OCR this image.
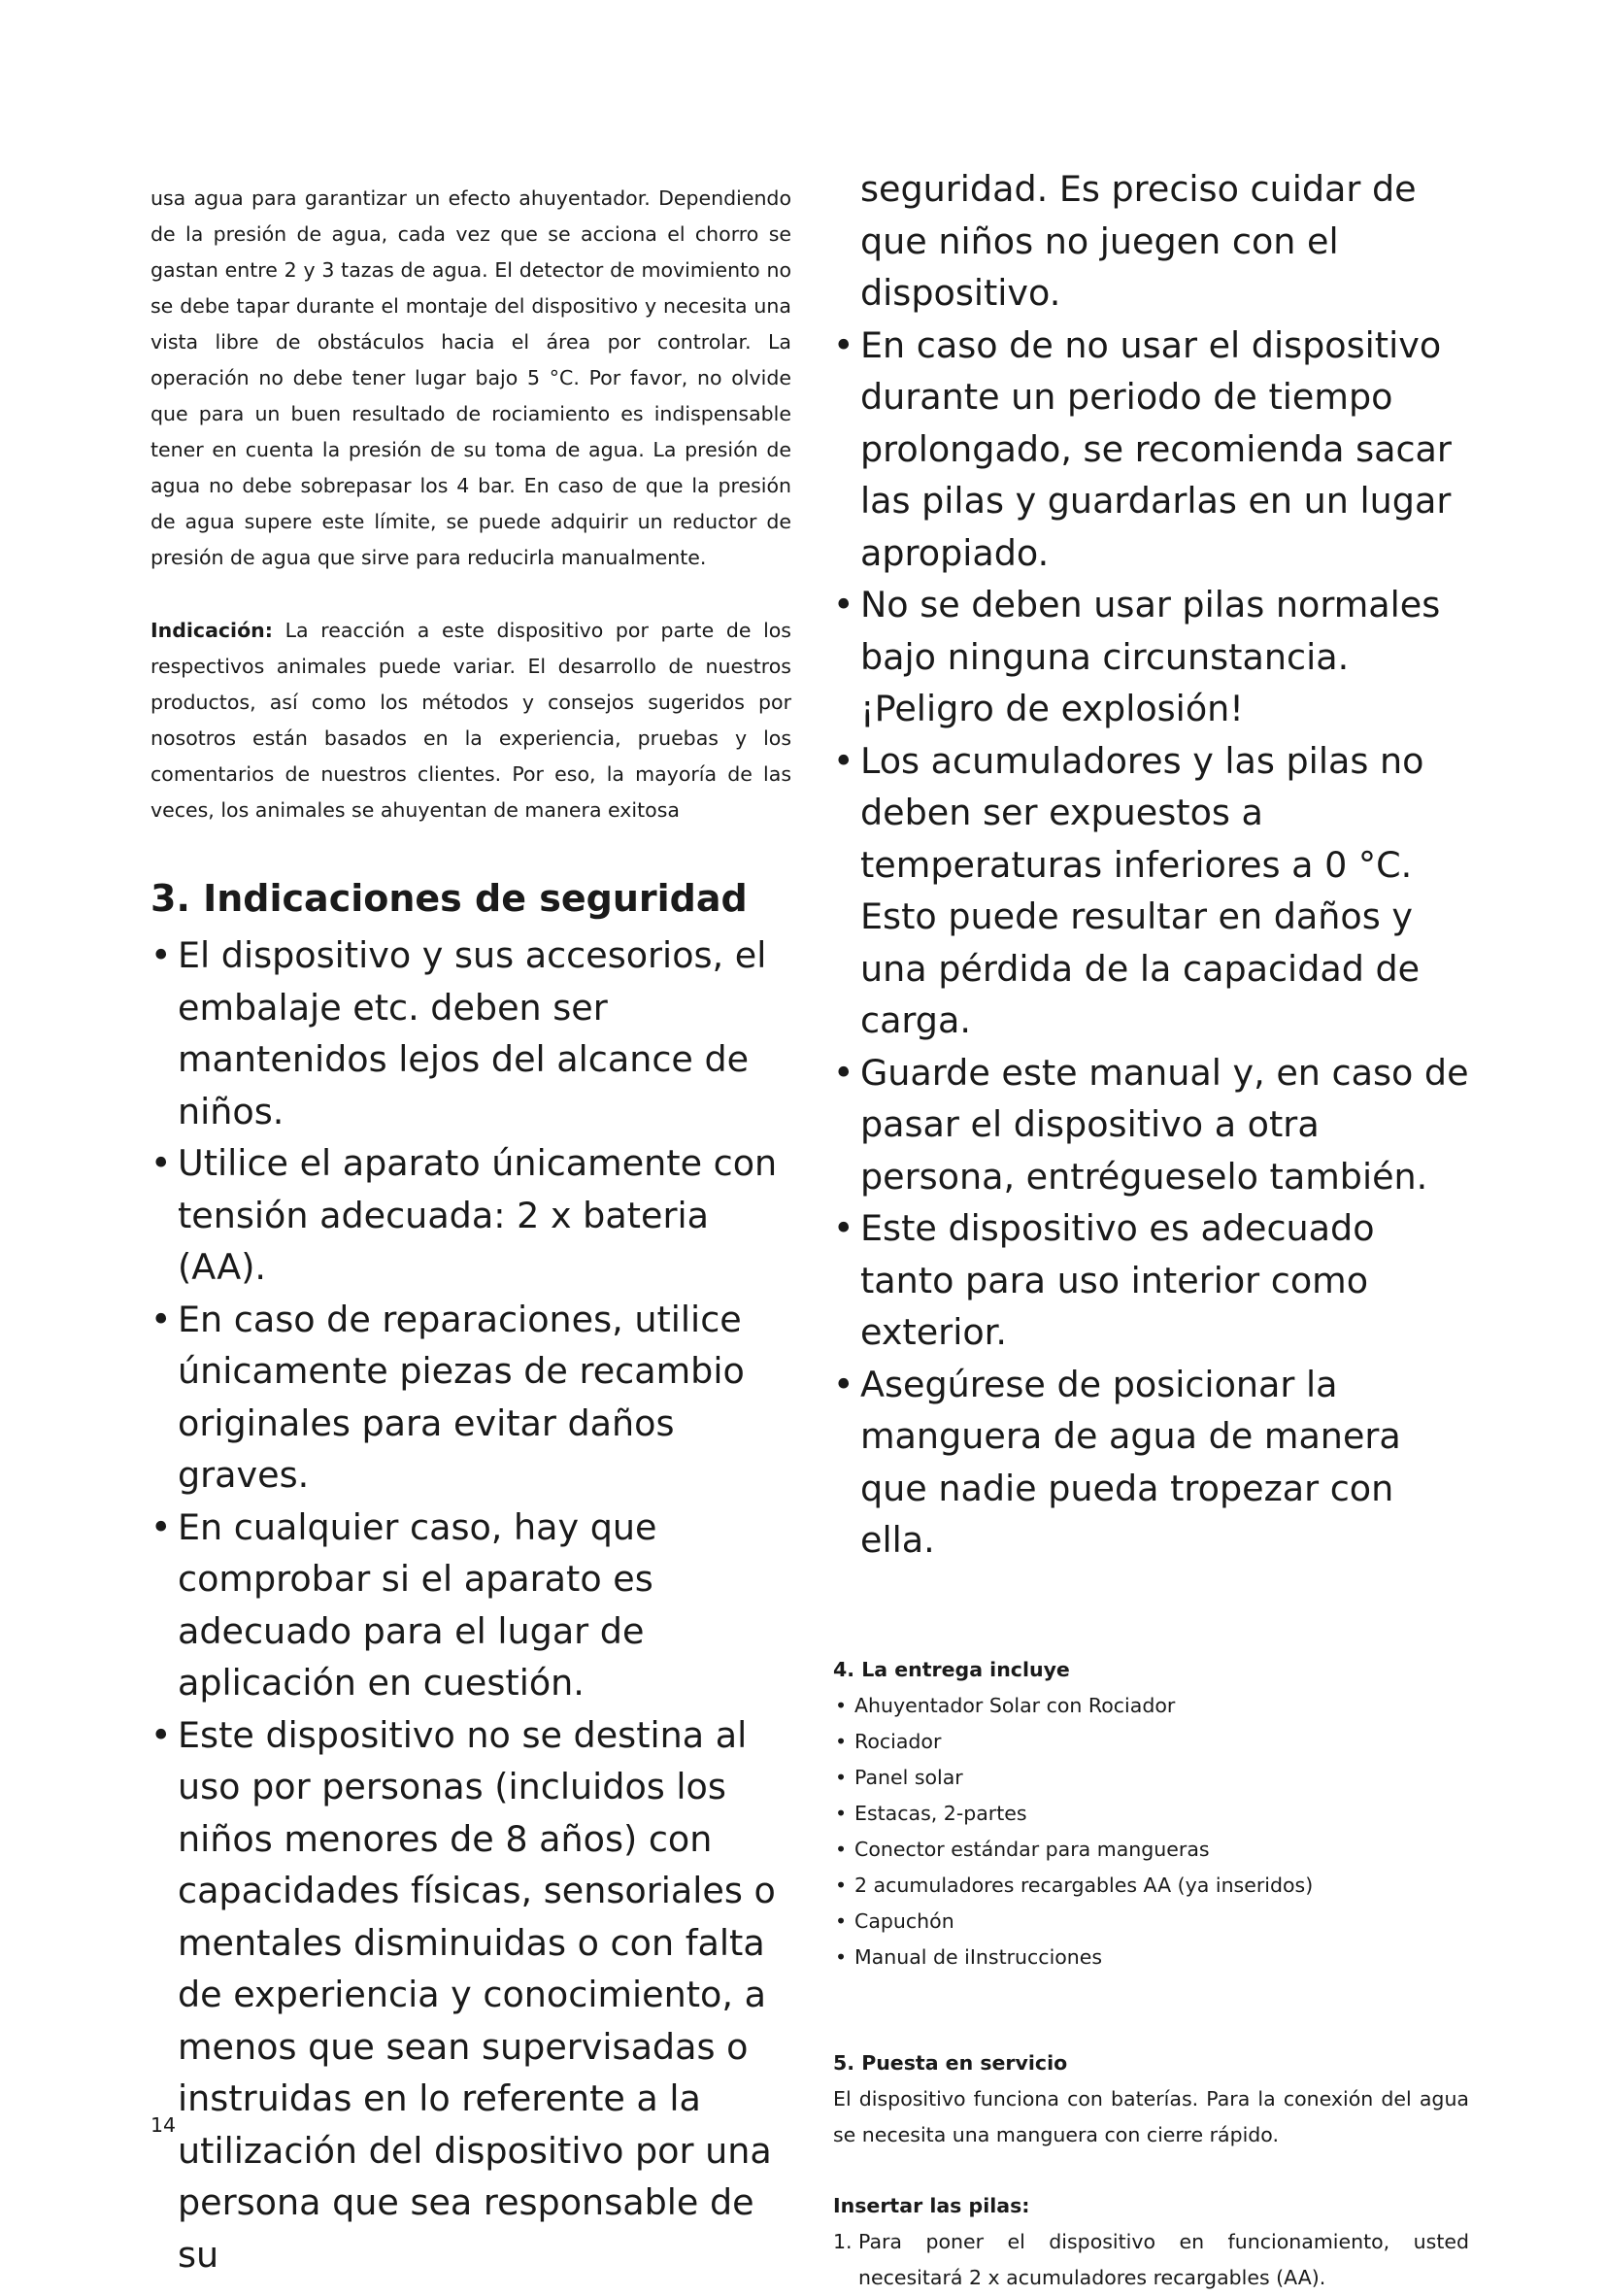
usa agua para garantizar un efecto ahuyentador. Dependiendo de la presión de agua, cada vez que se acciona el chorro se gastan entre 2 y 3 tazas de agua. El detector de movimiento no se debe tapar durante el montaje del dispositivo y necesita una vista libre de obstáculos hacia el área por controlar. La operación no debe tener lugar bajo 5 °C. Por favor, no olvide que para un buen resultado de rociamiento es indispensable tener en cuenta la presión de su toma de agua. La presión de agua no debe sobrepasar los 4 bar. En caso de que la presión de agua supere este límite, se puede adquirir un reductor de presión de agua que sirve para reducirla manualmente.

Indicación: La reacción a este dispositivo por parte de los respectivos animales puede variar. El desarrollo de nuestros productos, así como los métodos y consejos sugeridos por nosotros están basados en la experiencia, pruebas y los comentarios de nuestros clientes. Por eso, la mayoría de las veces, los animales se ahuyentan de manera exitosa

3. Indicaciones de seguridad
• El dispositivo y sus accesorios, el embalaje etc. deben ser mantenidos lejos del alcance de niños.
• Utilice el aparato únicamente con tensión adecuada: 2 x bateria (AA).
• En caso de reparaciones, utilice únicamente piezas de recambio originales para evitar daños graves.
• En cualquier caso, hay que comprobar si el aparato es adecuado para el lugar de aplicación en cuestión.
• Este dispositivo no se destina al uso por personas (incluidos los niños menores de 8 años) con capacidades físicas, sensoriales o mentales disminuidas o con falta de experiencia y conocimiento, a menos que sean supervisadas o instruidas en lo referente a la utilización del dispositivo por una persona que sea responsable de su
seguridad. Es preciso cuidar de que niños no juegen con el dispositivo.
• En caso de no usar el dispositivo durante un periodo de tiempo prolongado, se recomienda sacar las pilas y guardarlas en un lugar apropiado.
• No se deben usar pilas normales bajo ninguna circunstancia. ¡Peligro de explosión!
• Los acumuladores y las pilas no deben ser expuestos a temperaturas inferiores a 0 °C. Esto puede resultar en daños y una pérdida de la capacidad de carga.
• Guarde este manual y, en caso de pasar el dispositivo a otra persona, entrégueselo también.
• Este dispositivo es adecuado tanto para uso interior como exterior.
• Asegúrese de posicionar la manguera de agua de manera que nadie pueda tropezar con ella.
4. La entrega incluye
• Ahuyentador Solar con Rociador
• Rociador
• Panel solar
• Estacas, 2-partes
• Conector estándar para mangueras
• 2 acumuladores recargables AA (ya inseridos)
• Capuchón
• Manual de iInstrucciones
5. Puesta en servicio

El dispositivo funciona con baterías. Para la conexión del agua se necesita una manguera con cierre rápido.

Insertar las pilas:
1. Para poner el dispositivo en funcionamiento, usted necesitará 2 x acumuladores recargables (AA).
14
